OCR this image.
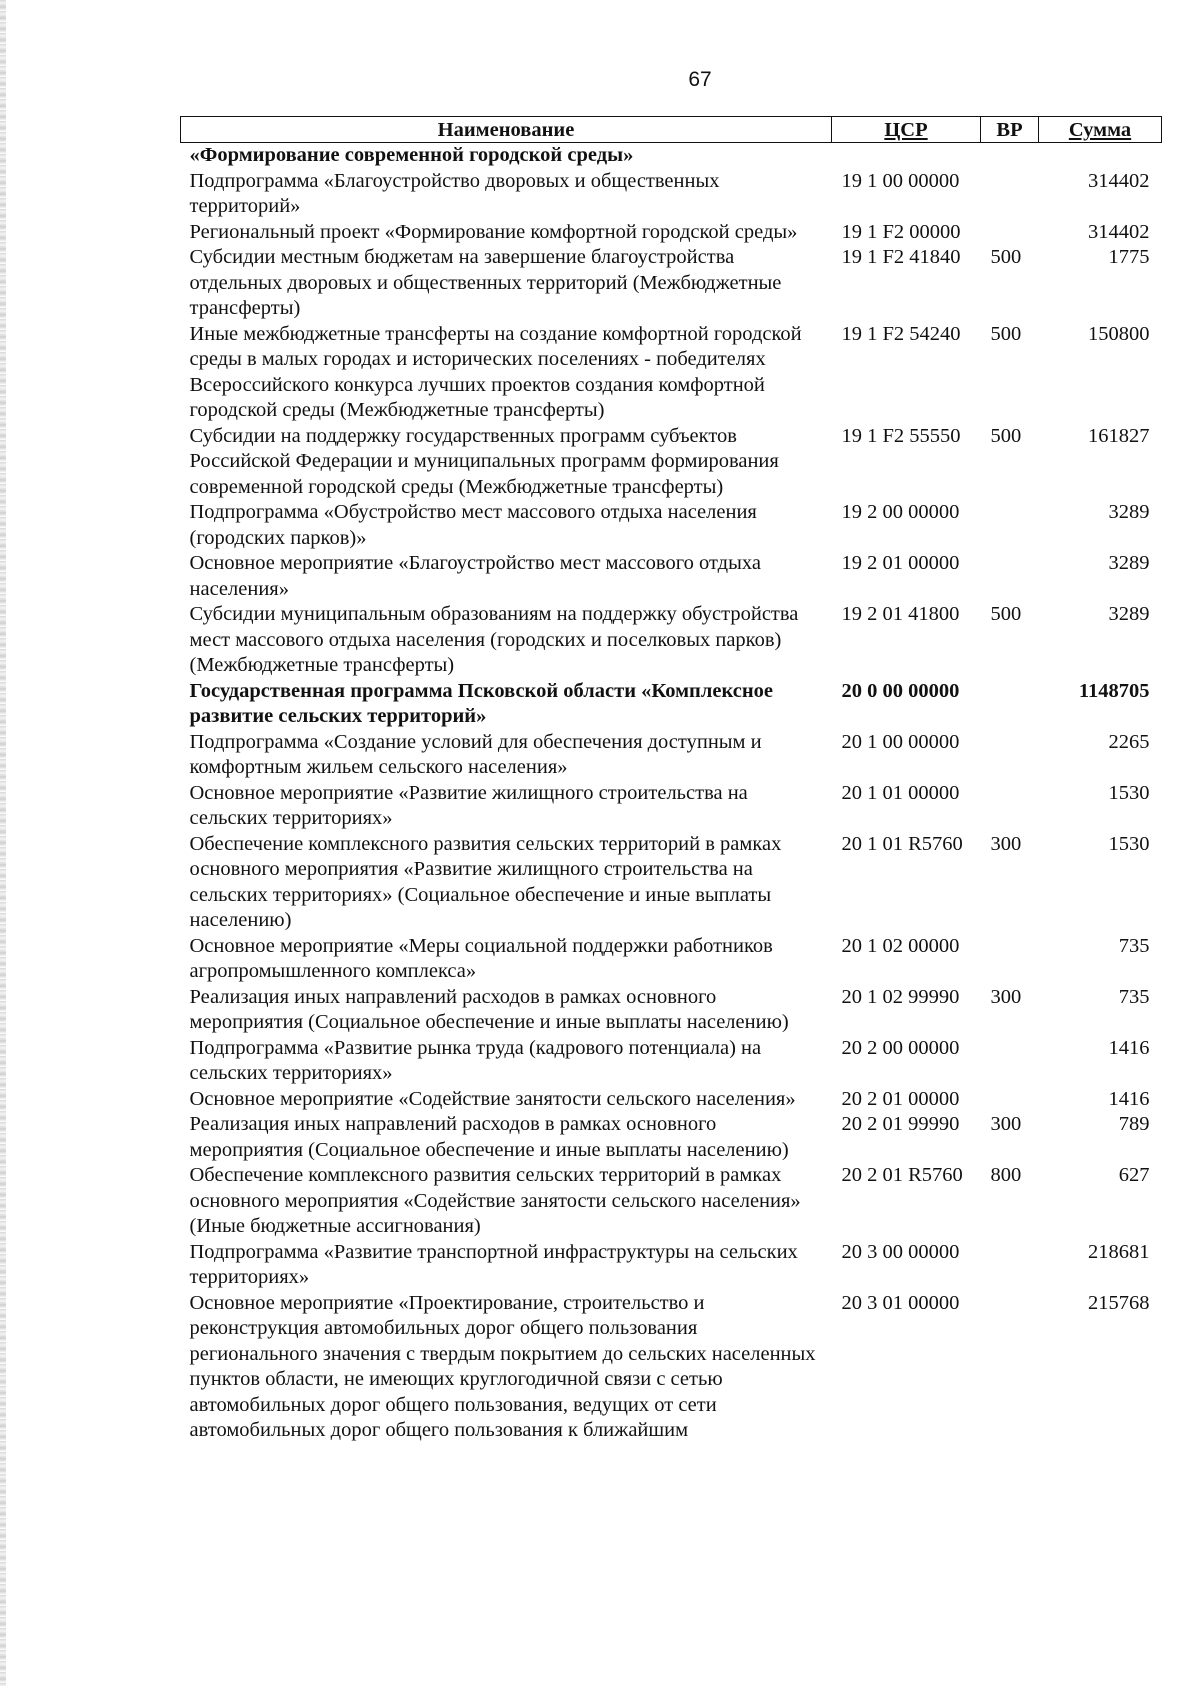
67
Наименование	ЦСР	ВР	Сумма
«Формирование современной городской среды»			
Подпрограмма «Благоустройство дворовых и общественных территорий»	19 1 00 00000		314402
Региональный проект «Формирование комфортной городской среды»	19 1 F2 00000		314402
Субсидии местным бюджетам на завершение благоустройства отдельных дворовых и общественных территорий (Межбюджетные трансферты)	19 1 F2 41840	500	1775
Иные межбюджетные трансферты на создание комфортной городской среды в малых городах и исторических поселениях - победителях Всероссийского конкурса лучших проектов создания комфортной городской среды (Межбюджетные трансферты)	19 1 F2 54240	500	150800
Субсидии на поддержку государственных программ субъектов Российской Федерации и муниципальных программ формирования современной городской среды (Межбюджетные трансферты)	19 1 F2 55550	500	161827
Подпрограмма «Обустройство мест массового отдыха населения (городских парков)»	19 2 00 00000		3289
Основное мероприятие «Благоустройство мест массового отдыха населения»	19 2 01 00000		3289
Субсидии муниципальным образованиям на поддержку обустройства мест массового отдыха населения (городских и поселковых парков) (Межбюджетные трансферты)	19 2 01 41800	500	3289
Государственная программа Псковской области «Комплексное развитие сельских территорий»	20 0 00 00000		1148705
Подпрограмма «Создание условий для обеспечения доступным и комфортным жильем сельского населения»	20 1 00 00000		2265
Основное мероприятие «Развитие жилищного строительства на сельских территориях»	20 1 01 00000		1530
Обеспечение комплексного развития сельских территорий в рамках основного мероприятия «Развитие жилищного строительства на сельских территориях» (Социальное обеспечение и иные выплаты населению)	20 1 01 R5760	300	1530
Основное мероприятие «Меры социальной поддержки работников агропромышленного комплекса»	20 1 02 00000		735
Реализация иных направлений расходов в рамках основного мероприятия (Социальное обеспечение и иные выплаты населению)	20 1 02 99990	300	735
Подпрограмма «Развитие рынка труда (кадрового потенциала) на сельских территориях»	20 2 00 00000		1416
Основное мероприятие «Содействие занятости сельского населения»	20 2 01 00000		1416
Реализация иных направлений расходов в рамках основного мероприятия (Социальное обеспечение и иные выплаты населению)	20 2 01 99990	300	789
Обеспечение комплексного развития сельских территорий в рамках основного мероприятия «Содействие занятости сельского населения» (Иные бюджетные ассигнования)	20 2 01 R5760	800	627
Подпрограмма «Развитие транспортной инфраструктуры на сельских территориях»	20 3 00 00000		218681
Основное мероприятие «Проектирование, строительство и реконструкция автомобильных дорог общего пользования регионального значения с твердым покрытием до сельских населенных пунктов области, не имеющих круглогодичной связи с сетью автомобильных дорог общего пользования, ведущих от сети автомобильных дорог общего пользования к ближайшим	20 3 01 00000		215768
